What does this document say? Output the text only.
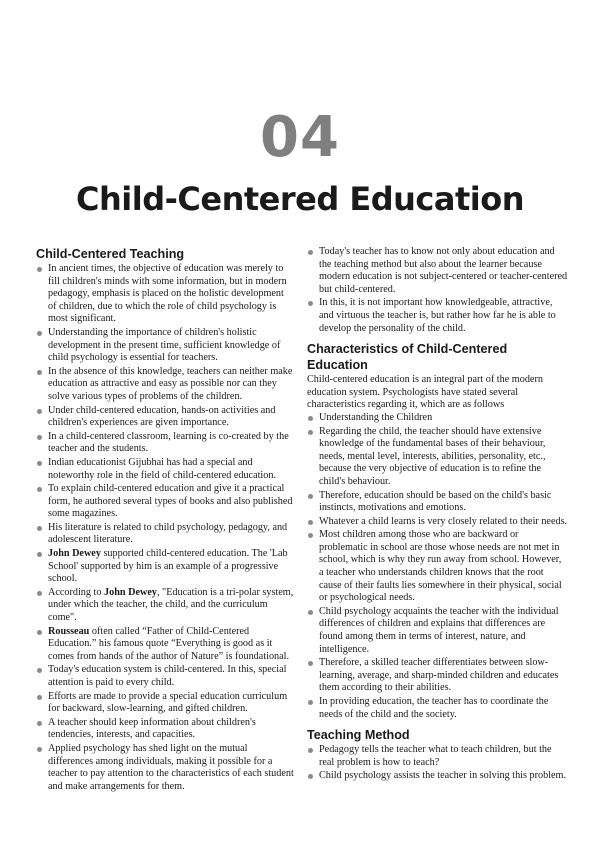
04
Child-Centered Education
Child-Centered Teaching
In ancient times, the objective of education was merely to fill children's minds with some information, but in modern pedagogy, emphasis is placed on the holistic development of children, due to which the role of child psychology is most significant.
Understanding the importance of children's holistic development in the present time, sufficient knowledge of child psychology is essential for teachers.
In the absence of this knowledge, teachers can neither make education as attractive and easy as possible nor can they solve various types of problems of the children.
Under child-centered education, hands-on activities and children's experiences are given importance.
In a child-centered classroom, learning is co-created by the teacher and the students.
Indian educationist Gijubhai has had a special and noteworthy role in the field of child-centered education.
To explain child-centered education and give it a practical form, he authored several types of books and also published some magazines.
His literature is related to child psychology, pedagogy, and adolescent literature.
John Dewey supported child-centered education. The 'Lab School' supported by him is an example of a progressive school.
According to John Dewey, "Education is a tri-polar system, under which the teacher, the child, and the curriculum come".
Rousseau often called “Father of Child-Centered Education.” his famous quote “Everything is good as it comes from hands of the author of Nature” is foundational.
Today's education system is child-centered. In this, special attention is paid to every child.
Efforts are made to provide a special education curriculum for backward, slow-learning, and gifted children.
A teacher should keep information about children's tendencies, interests, and capacities.
Applied psychology has shed light on the mutual differences among individuals, making it possible for a teacher to pay attention to the characteristics of each student and make arrangements for them.
Today's teacher has to know not only about education and the teaching method but also about the learner because modern education is not subject-centered or teacher-centered but child-centered.
In this, it is not important how knowledgeable, attractive, and virtuous the teacher is, but rather how far he is able to develop the personality of the child.
Characteristics of Child-Centered Education

Child-centered education is an integral part of the modern education system. Psychologists have stated several characteristics regarding it, which are as follows

Understanding the Children
Regarding the child, the teacher should have extensive knowledge of the fundamental bases of their behaviour, needs, mental level, interests, abilities, personality, etc., because the very objective of education is to refine the child's behaviour.
Therefore, education should be based on the child's basic instincts, motivations and emotions.
Whatever a child learns is very closely related to their needs.
Most children among those who are backward or problematic in school are those whose needs are not met in school, which is why they run away from school. However, a teacher who understands children knows that the root cause of their faults lies somewhere in their physical, social or psychological needs.
Child psychology acquaints the teacher with the individual differences of children and explains that differences are found among them in terms of interest, nature, and intelligence.
Therefore, a skilled teacher differentiates between slow-learning, average, and sharp-minded children and educates them according to their abilities.
In providing education, the teacher has to coordinate the needs of the child and the society.
Teaching Method
Pedagogy tells the teacher what to teach children, but the real problem is how to teach?
Child psychology assists the teacher in solving this problem.
